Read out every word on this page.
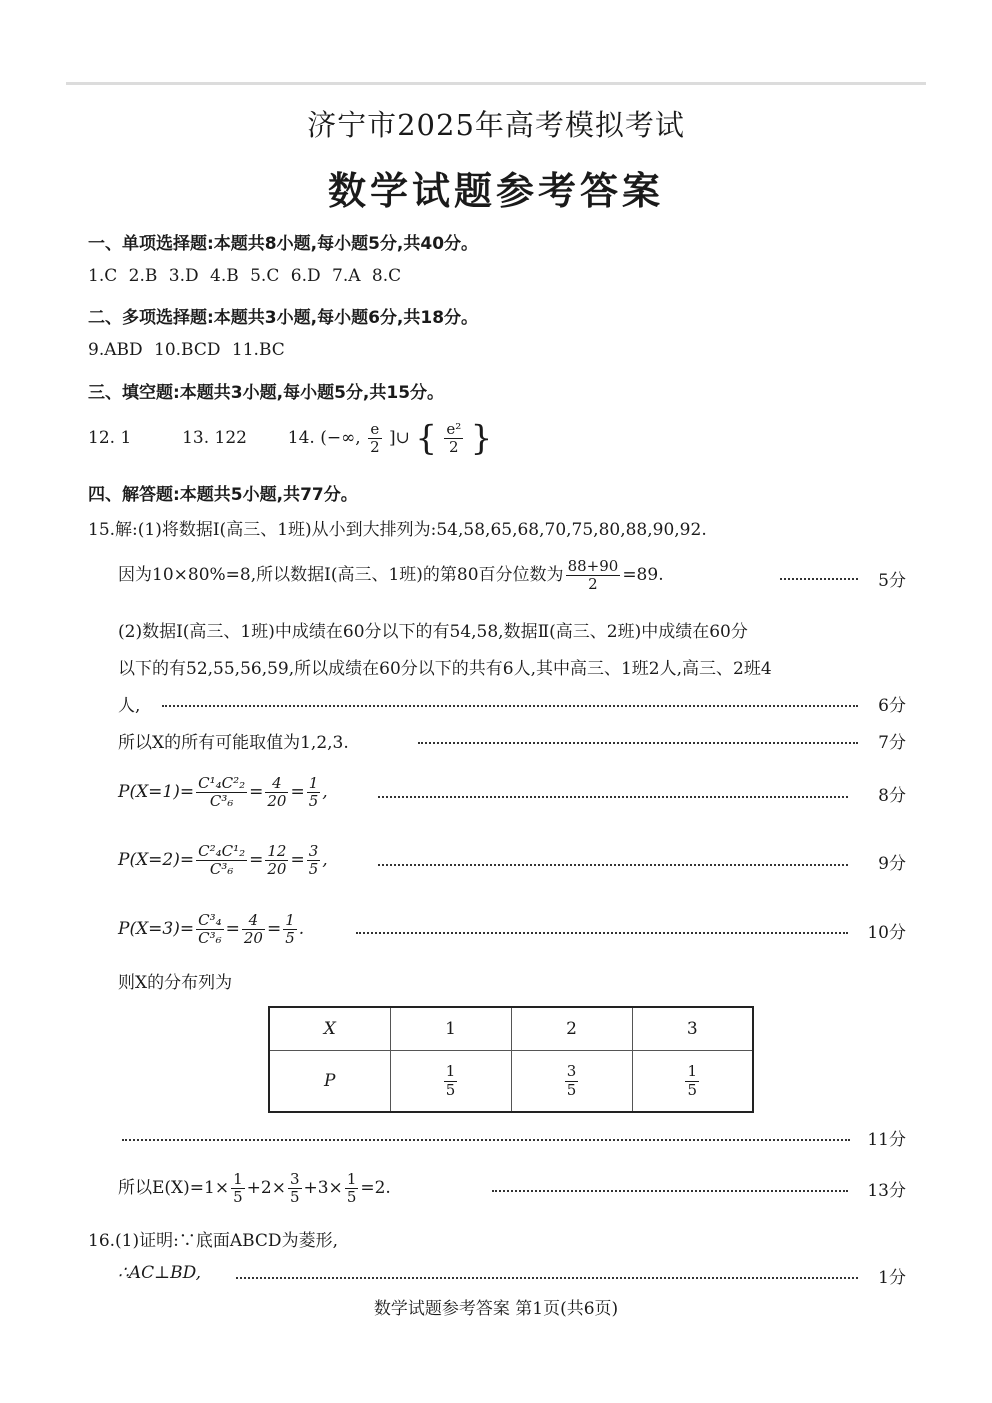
济宁市2025年高考模拟考试
数学试题参考答案
一、单项选择题:本题共8小题,每小题5分,共40分。
1.C 2.B 3.D 4.B 5.C 6.D 7.A 8.C
二、多项选择题:本题共3小题,每小题6分,共18分。
9.ABD 10.BCD 11.BC
三、填空题:本题共3小题,每小题5分,共15分。
12. 1	13. 122 14. (−∞, $\frac{e}{2}$ ]∪ { $\frac{\text{e²}}{2}$ }
四、解答题:本题共5小题,共77分。
15.解:(1)将数据Ⅰ(高三、1班)从小到大排列为:54,58,65,68,70,75,80,88,90,92.
因为10×80%=8,所以数据Ⅰ(高三、1班)的第80百分位数为 $\frac{88+90}{2} =89$.	5分
(2)数据Ⅰ(高三、1班)中成绩在60分以下的有54,58,数据Ⅱ(高三、2班)中成绩在60分
以下的有52,55,56,59,所以成绩在60分以下的共有6人,其中高三、1班2人,高三、2班4
人,	6分
所以X的所有可能取值为1,2,3.	7分
$P(X=1)= \frac{\text{C¹₄C²₂}}{\text{C³₆}} = \frac{4}{20} = \frac{1}{5}$ ,	8分
$P(X=2)= \frac{\text{C²₄C¹₂}}{\text{C³₆}} = \frac{12}{20} = \frac{3}{5}$ ,	9分
$P(X=3)= \frac{\text{C³₄}}{\text{C³₆}} = \frac{4}{20} = \frac{1}{5}$ .	10分
则X的分布列为
X	1	2	3
P	$\frac{1}{5}$	$\frac{3}{5}$	$\frac{1}{5}$
11分
所以$E(X)=1\times \frac{1}{5} +2\times \frac{3}{5} +3\times \frac{1}{5} =2$.	13分
16.(1)证明:∵底面ABCD为菱形,
∴AC⊥BD,	1分
数学试题参考答案 第1页(共6页)
